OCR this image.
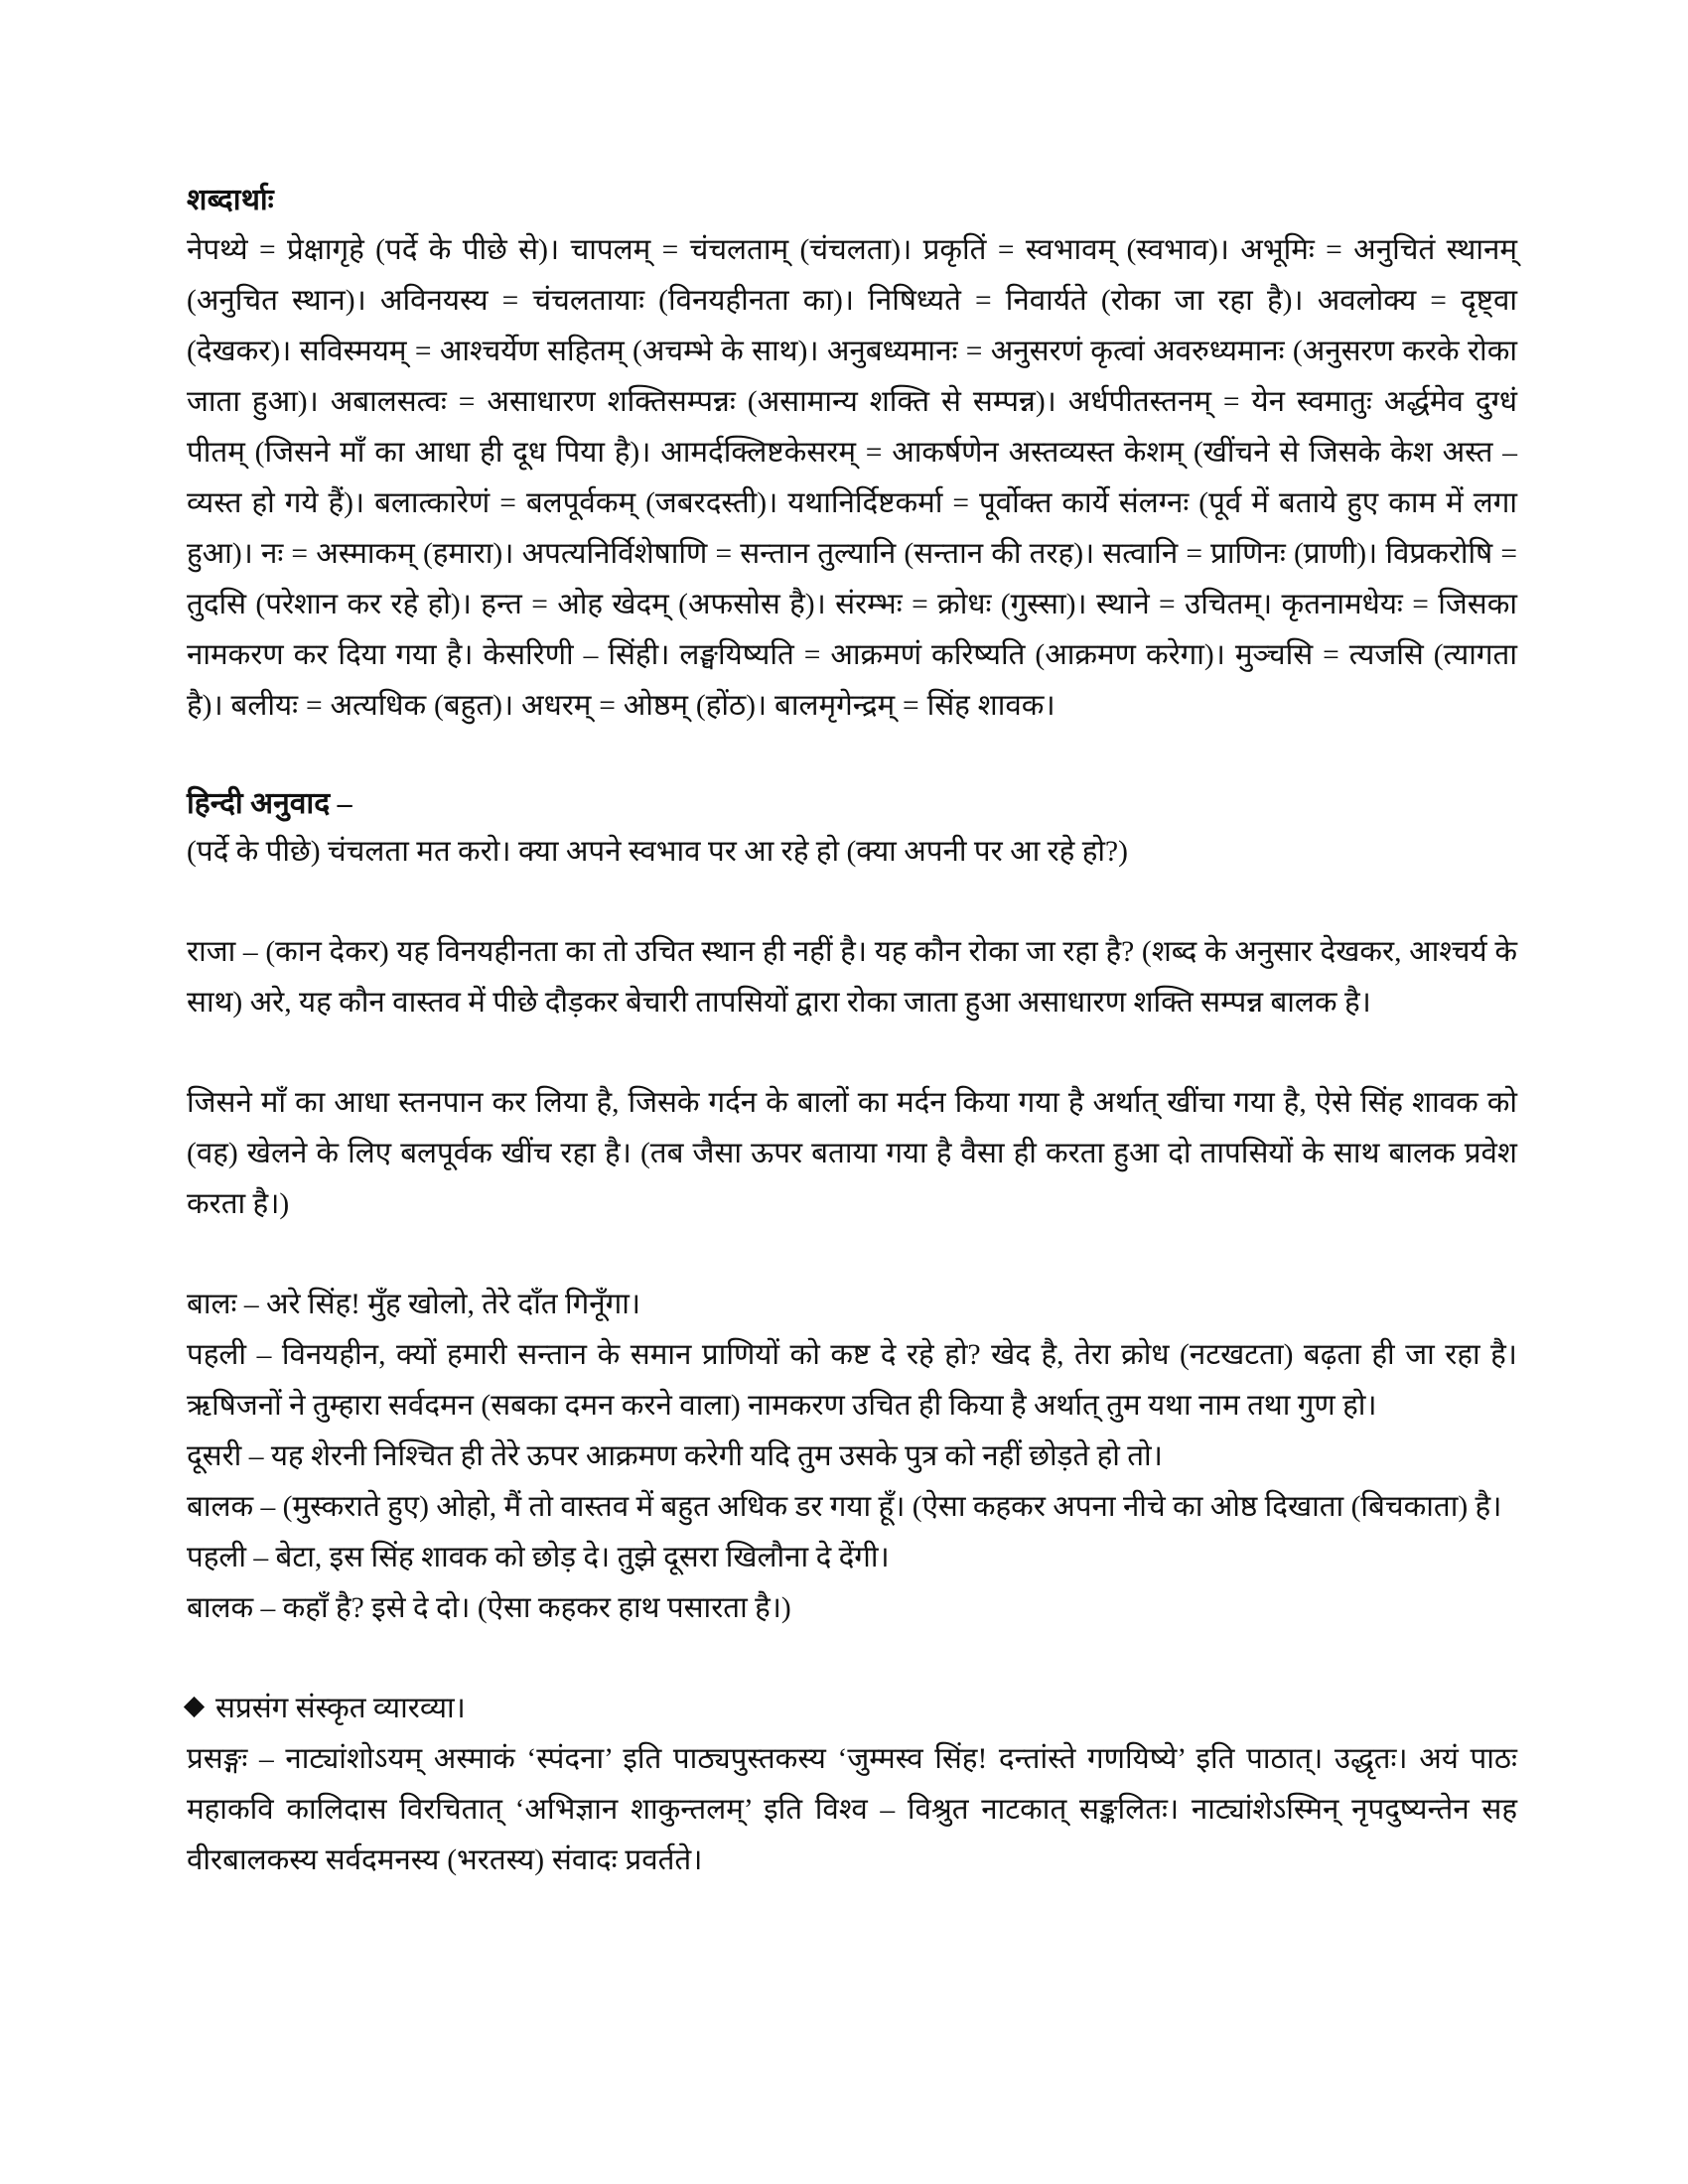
शब्दार्थाः
नेपथ्ये = प्रेक्षागृहे (पर्दे के पीछे से)। चापलम् = चंचलताम् (चंचलता)। प्रकृतिं = स्वभावम् (स्वभाव)। अभूमिः = अनुचितं स्थानम् (अनुचित स्थान)। अविनयस्य = चंचलतायाः (विनयहीनता का)। निषिध्यते = निवार्यते (रोका जा रहा है)। अवलोक्य = दृष्ट्वा (देखकर)। सविस्मयम् = आश्चर्येण सहितम् (अचम्भे के साथ)। अनुबध्यमानः = अनुसरणं कृत्वां अवरुध्यमानः (अनुसरण करके रोका जाता हुआ)। अबालसत्वः = असाधारण शक्तिसम्पन्नः (असामान्य शक्ति से सम्पन्न)। अर्धपीतस्तनम् = येन स्वमातुः अर्द्धमेव दुग्धं पीतम् (जिसने माँ का आधा ही दूध पिया है)। आमर्दक्लिष्टकेसरम् = आकर्षणेन अस्तव्यस्त केशम् (खींचने से जिसके केश अस्त – व्यस्त हो गये हैं)। बलात्कारेणं = बलपूर्वकम् (जबरदस्ती)। यथानिर्दिष्टकर्मा = पूर्वोक्त कार्ये संलग्नः (पूर्व में बताये हुए काम में लगा हुआ)। नः = अस्माकम् (हमारा)। अपत्यनिर्विशेषाणि = सन्तान तुल्यानि (सन्तान की तरह)। सत्वानि = प्राणिनः (प्राणी)। विप्रकरोषि = तुदसि (परेशान कर रहे हो)। हन्त = ओह खेदम् (अफसोस है)। संरम्भः = क्रोधः (गुस्सा)। स्थाने = उचितम्। कृतनामधेयः = जिसका नामकरण कर दिया गया है। केसरिणी – सिंही। लङ्घयिष्यति = आक्रमणं करिष्यति (आक्रमण करेगा)। मुञ्चसि = त्यजसि (त्यागता है)। बलीयः = अत्यधिक (बहुत)। अधरम् = ओष्ठम् (होंठ)। बालमृगेन्द्रम् = सिंह शावक।
हिन्दी अनुवाद –
(पर्दे के पीछे) चंचलता मत करो। क्या अपने स्वभाव पर आ रहे हो (क्या अपनी पर आ रहे हो?)
राजा – (कान देकर) यह विनयहीनता का तो उचित स्थान ही नहीं है। यह कौन रोका जा रहा है? (शब्द के अनुसार देखकर, आश्चर्य के साथ) अरे, यह कौन वास्तव में पीछे दौड़कर बेचारी तापसियों द्वारा रोका जाता हुआ असाधारण शक्ति सम्पन्न बालक है।
जिसने माँ का आधा स्तनपान कर लिया है, जिसके गर्दन के बालों का मर्दन किया गया है अर्थात् खींचा गया है, ऐसे सिंह शावक को (वह) खेलने के लिए बलपूर्वक खींच रहा है। (तब जैसा ऊपर बताया गया है वैसा ही करता हुआ दो तापसियों के साथ बालक प्रवेश करता है।)
बालः – अरे सिंह! मुँह खोलो, तेरे दाँत गिनूँगा।
पहली – विनयहीन, क्यों हमारी सन्तान के समान प्राणियों को कष्ट दे रहे हो? खेद है, तेरा क्रोध (नटखटता) बढ़ता ही जा रहा है। ऋषिजनों ने तुम्हारा सर्वदमन (सबका दमन करने वाला) नामकरण उचित ही किया है अर्थात् तुम यथा नाम तथा गुण हो।
दूसरी – यह शेरनी निश्चित ही तेरे ऊपर आक्रमण करेगी यदि तुम उसके पुत्र को नहीं छोड़ते हो तो।
बालक – (मुस्कराते हुए) ओहो, मैं तो वास्तव में बहुत अधिक डर गया हूँ। (ऐसा कहकर अपना नीचे का ओष्ठ दिखाता (बिचकाता) है।
पहली – बेटा, इस सिंह शावक को छोड़ दे। तुझे दूसरा खिलौना दे देंगी।
बालक – कहाँ है? इसे दे दो। (ऐसा कहकर हाथ पसारता है।)
सप्रसंग संस्कृत व्यारव्या।
प्रसङ्गः – नाट्यांशोऽयम् अस्माकं ‘स्पंदना’ इति पाठ्यपुस्तकस्य ‘जुम्मस्व सिंह! दन्तांस्ते गणयिष्ये’ इति पाठात्। उद्धृतः। अयं पाठः महाकवि कालिदास विरचितात् ‘अभिज्ञान शाकुन्तलम्’ इति विश्व – विश्रुत नाटकात् सङ्कलितः। नाट्यांशेऽस्मिन् नृपदुष्यन्तेन सह वीरबालकस्य सर्वदमनस्य (भरतस्य) संवादः प्रवर्तते।
